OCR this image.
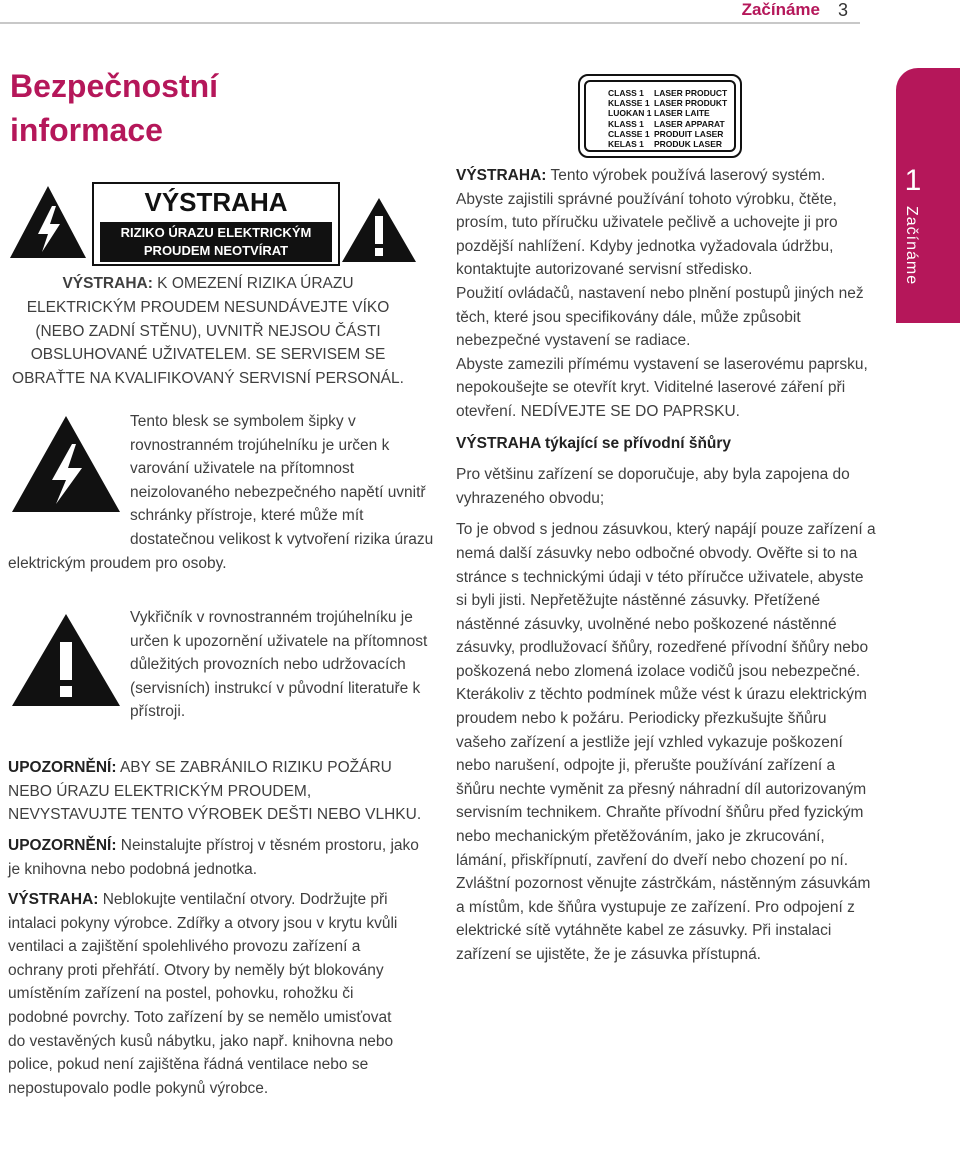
Začínáme 3
1
Začínáme
Bezpečnostní
informace
VÝSTRAHA
RIZIKO ÚRAZU ELEKTRICKÝM
PROUDEM NEOTVÍRAT
VÝSTRAHA: K OMEZENÍ RIZIKA ÚRAZU ELEKTRICKÝM PROUDEM NESUNDÁVEJTE VÍKO (NEBO ZADNÍ STĚNU), UVNITŘ NEJSOU ČÁSTI OBSLUHOVANÉ UŽIVATELEM. SE SERVISEM SE OBRAŤTE NA KVALIFIKOVANÝ SERVISNÍ PERSONÁL.

Tento blesk se symbolem šipky v rovnostranném trojúhelníku je určen k varování uživatele na přítomnost neizolovaného nebezpečného napětí uvnitř schránky přístroje, které může mít dostatečnou velikost k vytvoření rizika úrazu elektrickým proudem pro osoby.

Vykřičník v rovnostranném trojúhelníku je určen k upozornění uživatele na přítomnost důležitých provozních nebo udržovacích (servisních) instrukcí v původní literatuře k přístroji.

UPOZORNĚNÍ: ABY SE ZABRÁNILO RIZIKU POŽÁRU NEBO ÚRAZU ELEKTRICKÝM PROUDEM, NEVYSTAVUJTE TENTO VÝROBEK DEŠTI NEBO VLHKU.

UPOZORNĚNÍ: Neinstalujte přístroj v těsném prostoru, jako je knihovna nebo podobná jednotka.

VÝSTRAHA: Neblokujte ventilační otvory. Dodržujte při intalaci pokyny výrobce. Zdířky a otvory jsou v krytu kvůli ventilaci a zajištění spolehlivého provozu zařízení a ochrany proti přehřátí. Otvory by neměly být blokovány umístěním zařízení na postel, pohovku, rohožku či podobné povrchy. Toto zařízení by se nemělo umisťovat do vestavěných kusů nábytku, jako např. knihovna nebo police, pokud není zajištěna řádná ventilace nebo se nepostupovalo podle pokynů výrobce.

CLASS 1 LASER PRODUCT
KLASSE 1 LASER PRODUKT
LUOKAN 1 LASER LAITE
KLASS 1 LASER APPARAT
CLASSE 1 PRODUIT LASER
KELAS 1 PRODUK LASER

VÝSTRAHA: Tento výrobek používá laserový systém. Abyste zajistili správné používání tohoto výrobku, čtěte, prosím, tuto příručku uživatele pečlivě a uchovejte ji pro pozdější nahlížení. Kdyby jednotka vyžadovala údržbu, kontaktujte autorizované servisní středisko.

Použití ovládačů, nastavení nebo plnění postupů jiných než těch, které jsou specifikovány dále, může způsobit nebezpečné vystavení se radiace.

Abyste zamezili přímému vystavení se laserovému paprsku, nepokoušejte se otevřít kryt. Viditelné laserové záření při otevření. NEDÍVEJTE SE DO PAPRSKU.

VÝSTRAHA týkající se přívodní šňůry

Pro většinu zařízení se doporučuje, aby byla zapojena do vyhrazeného obvodu;

To je obvod s jednou zásuvkou, který napájí pouze zařízení a nemá další zásuvky nebo odbočné obvody. Ověřte si to na stránce s technickými údaji v této příručce uživatele, abyste si byli jisti. Nepřetěžujte nástěnné zásuvky. Přetížené nástěnné zásuvky, uvolněné nebo poškozené nástěnné zásuvky, prodlužovací šňůry, rozedřené přívodní šňůry nebo poškozená nebo zlomená izolace vodičů jsou nebezpečné. Kterákoliv z těchto podmínek může vést k úrazu elektrickým proudem nebo k požáru. Periodicky přezkušujte šňůru vašeho zařízení a jestliže její vzhled vykazuje poškození nebo narušení, odpojte ji, přerušte používání zařízení a šňůru nechte vyměnit za přesný náhradní díl autorizovaným servisním technikem. Chraňte přívodní šňůru před fyzickým nebo mechanickým přetěžováním, jako je zkrucování, lámání, přiskřípnutí, zavření do dveří nebo chození po ní. Zvláštní pozornost věnujte zástrčkám, nástěnným zásuvkám a místům, kde šňůra vystupuje ze zařízení. Pro odpojení z elektrické sítě vytáhněte kabel ze zásuvky. Při instalaci zařízení se ujistěte, že je zásuvka přístupná.
